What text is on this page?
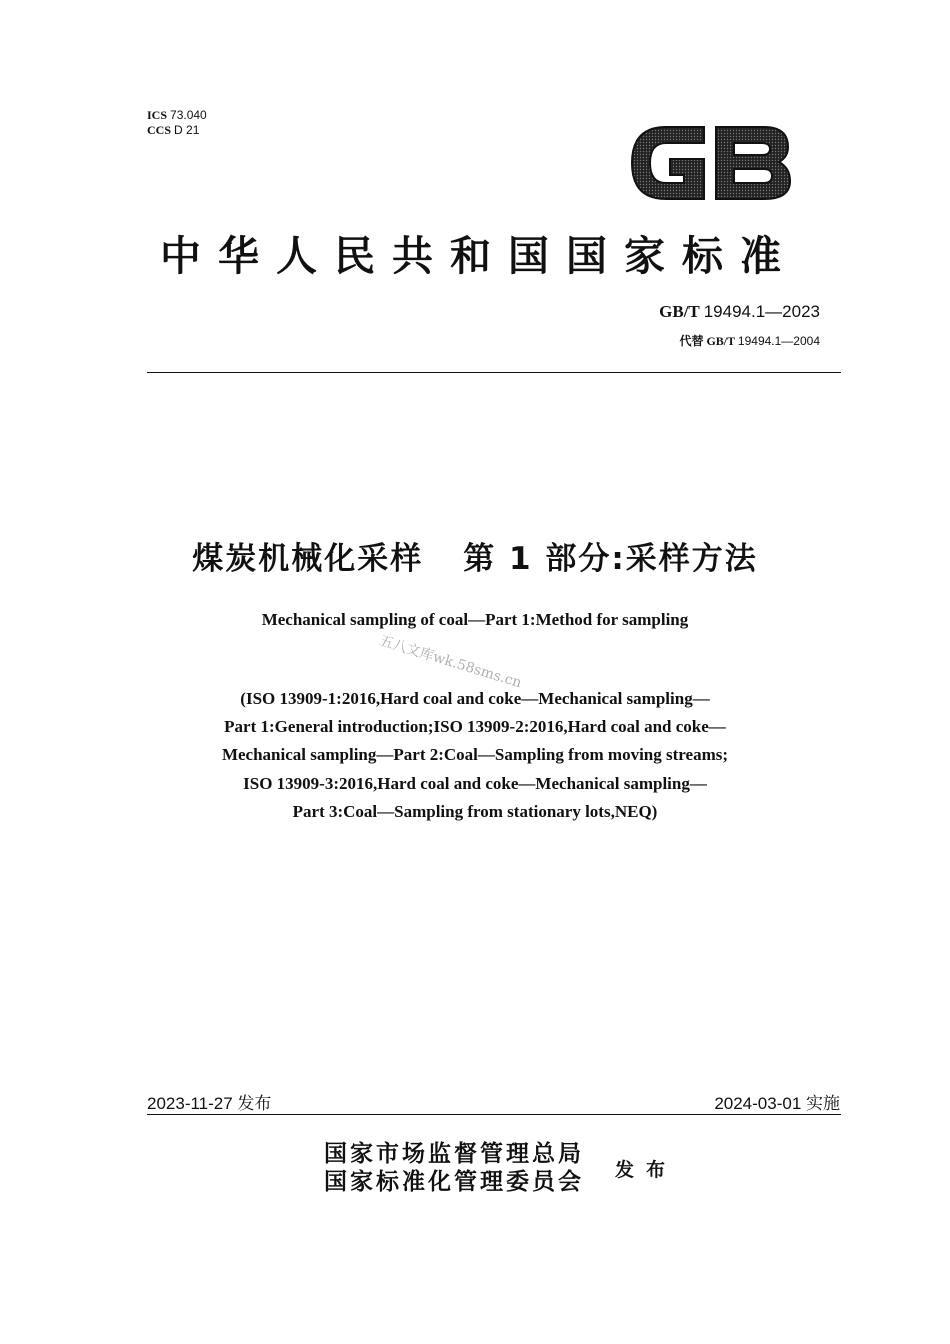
ICS 73.040
CCS D 21
GB
中华人民共和国国家标准
GB/T 19494.1—2023
代替 GB/T 19494.1—2004
煤炭机械化采样 第 1 部分:采样方法
Mechanical sampling of coal—Part 1:Method for sampling
五八文库wk.58sms.cn
(ISO 13909-1:2016,Hard coal and coke—Mechanical sampling—
Part 1:General introduction;ISO 13909-2:2016,Hard coal and coke—
Mechanical sampling—Part 2:Coal—Sampling from moving streams;
ISO 13909-3:2016,Hard coal and coke—Mechanical sampling—
Part 3:Coal—Sampling from stationary lots,NEQ)
2023-11-27 发布	2024-03-01 实施
国家市场监督管理总局
国家标准化管理委员会 发布
